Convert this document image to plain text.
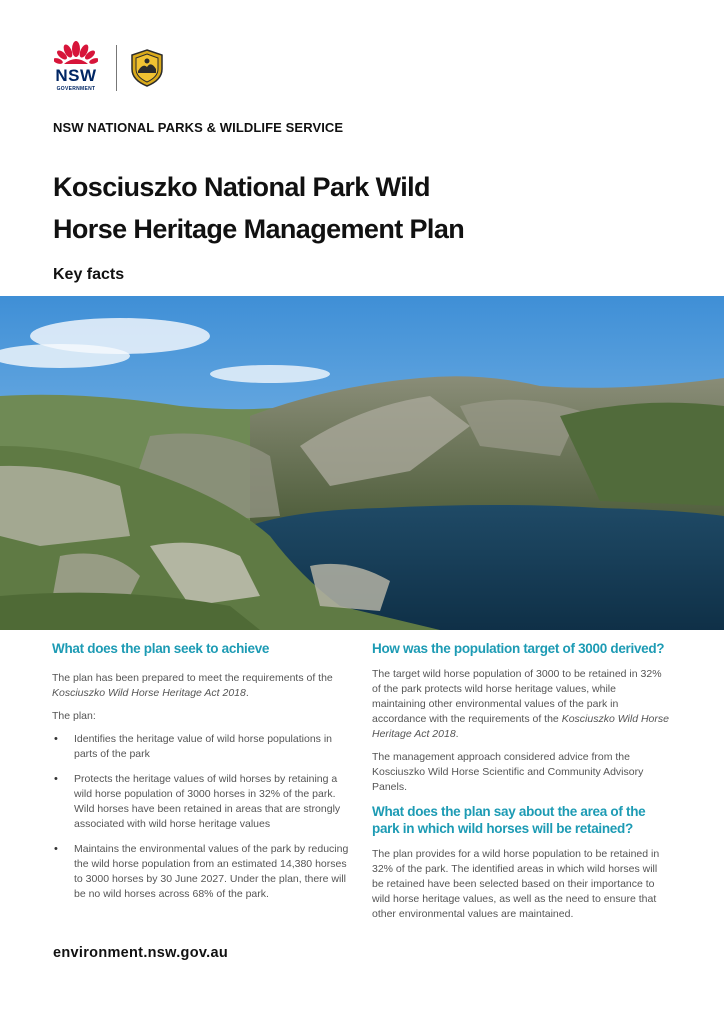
NSW
GOVERNMENT
NSW NATIONAL PARKS & WILDLIFE SERVICE
Kosciuszko National Park Wild
Horse Heritage Management Plan
Key facts
What does the plan seek to achieve

The plan has been prepared to meet the requirements of the Kosciuszko Wild Horse Heritage Act 2018.

The plan:

• Identifies the heritage value of wild horse populations in parts of the park
• Protects the heritage values of wild horses by retaining a wild horse population of 3000 horses in 32% of the park. Wild horses have been retained in areas that are strongly associated with wild horse heritage values
• Maintains the environmental values of the park by reducing the wild horse population from an estimated 14,380 horses to 3000 horses by 30 June 2027. Under the plan, there will be no wild horses across 68% of the park.
How was the population target of 3000 derived?

The target wild horse population of 3000 to be retained in 32% of the park protects wild horse heritage values, while maintaining other environmental values of the park in accordance with the requirements of the Kosciuszko Wild Horse Heritage Act 2018.

The management approach considered advice from the Kosciuszko Wild Horse Scientific and Community Advisory Panels.

What does the plan say about the area of the park in which wild horses will be retained?

The plan provides for a wild horse population to be retained in 32% of the park. The identified areas in which wild horses will be retained have been selected based on their importance to wild horse heritage values, as well as the need to ensure that other environmental values are maintained.

environment.nsw.gov.au
